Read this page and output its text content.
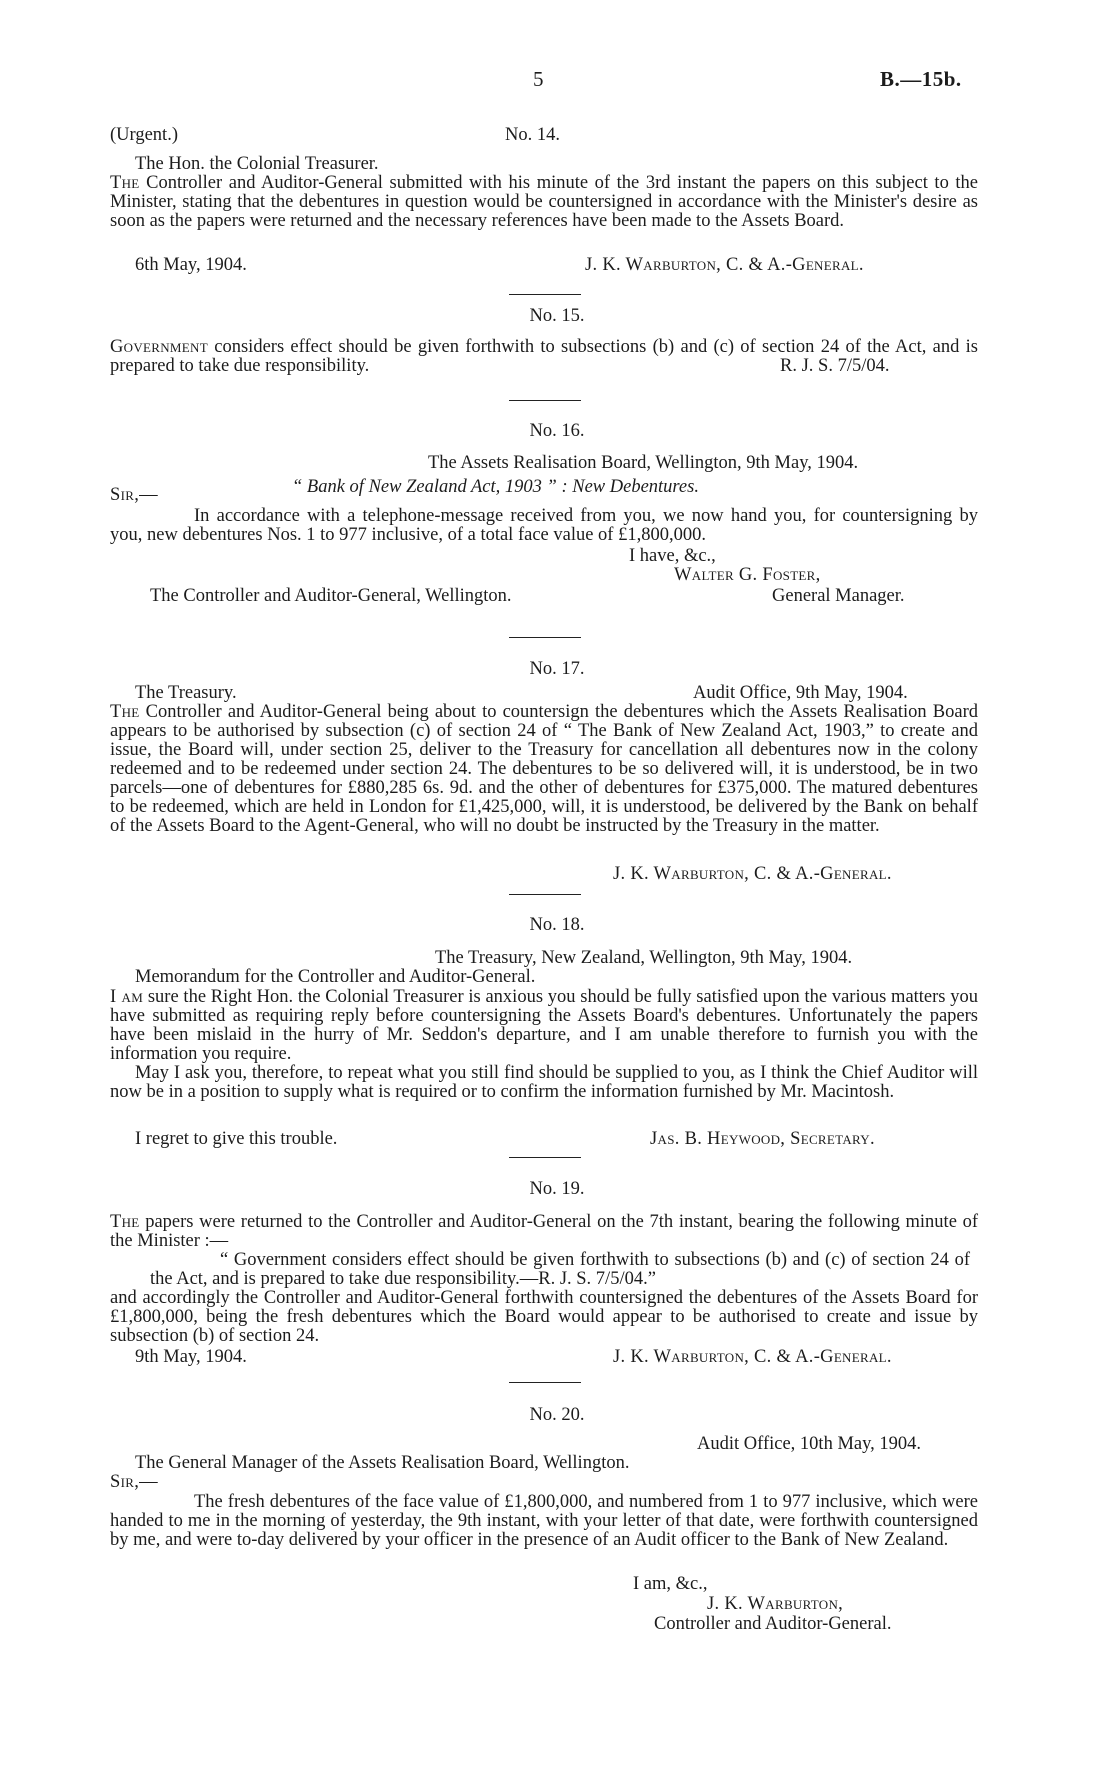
5	B.—15b.
(Urgent.)	No. 14.
The Hon. the Colonial Treasurer.

The Controller and Auditor-General submitted with his minute of the 3rd instant the papers on this subject to the Minister, stating that the debentures in question would be countersigned in accordance with the Minister's desire as soon as the papers were returned and the necessary references have been made to the Assets Board.

6th May, 1904.	J. K. Warburton, C. & A.-General.
No. 15.

Government considers effect should be given forthwith to subsections (b) and (c) of section 24 of the Act, and is prepared to take due responsibility.	R. J. S. 7/5/04.
No. 16.
The Assets Realisation Board, Wellington, 9th May, 1904.
Sir,—	“ Bank of New Zealand Act, 1903 ” : New Debentures.

In accordance with a telephone-message received from you, we now hand you, for countersigning by you, new debentures Nos. 1 to 977 inclusive, of a total face value of £1,800,000.

I have, &c.,
Walter G. Foster,
The Controller and Auditor-General, Wellington.	General Manager.
No. 17.
The Treasury.	Audit Office, 9th May, 1904.

The Controller and Auditor-General being about to countersign the debentures which the Assets Realisation Board appears to be authorised by subsection (c) of section 24 of “ The Bank of New Zealand Act, 1903,” to create and issue, the Board will, under section 25, deliver to the Treasury for cancellation all debentures now in the colony redeemed and to be redeemed under section 24. The debentures to be so delivered will, it is understood, be in two parcels—one of debentures for £880,285 6s. 9d. and the other of debentures for £375,000. The matured debentures to be redeemed, which are held in London for £1,425,000, will, it is understood, be delivered by the Bank on behalf of the Assets Board to the Agent-General, who will no doubt be instructed by the Treasury in the matter.

J. K. Warburton, C. & A.-General.
No. 18.
The Treasury, New Zealand, Wellington, 9th May, 1904.
Memorandum for the Controller and Auditor-General.

I am sure the Right Hon. the Colonial Treasurer is anxious you should be fully satisfied upon the various matters you have submitted as requiring reply before countersigning the Assets Board's debentures. Unfortunately the papers have been mislaid in the hurry of Mr. Seddon's departure, and I am unable therefore to furnish you with the information you require.

May I ask you, therefore, to repeat what you still find should be supplied to you, as I think the Chief Auditor will now be in a position to supply what is required or to confirm the information furnished by Mr. Macintosh.

I regret to give this trouble.	Jas. B. Heywood, Secretary.
No. 19.

The papers were returned to the Controller and Auditor-General on the 7th instant, bearing the following minute of the Minister :—

“ Government considers effect should be given forthwith to subsections (b) and (c) of section 24 of the Act, and is prepared to take due responsibility.—R. J. S. 7/5/04.”

and accordingly the Controller and Auditor-General forthwith countersigned the debentures of the Assets Board for £1,800,000, being the fresh debentures which the Board would appear to be authorised to create and issue by subsection (b) of section 24.

9th May, 1904.	J. K. Warburton, C. & A.-General.
No. 20.
Audit Office, 10th May, 1904.
The General Manager of the Assets Realisation Board, Wellington.
Sir,—

The fresh debentures of the face value of £1,800,000, and numbered from 1 to 977 inclusive, which were handed to me in the morning of yesterday, the 9th instant, with your letter of that date, were forthwith countersigned by me, and were to-day delivered by your officer in the presence of an Audit officer to the Bank of New Zealand.

I am, &c.,
J. K. Warburton,
Controller and Auditor-General.
